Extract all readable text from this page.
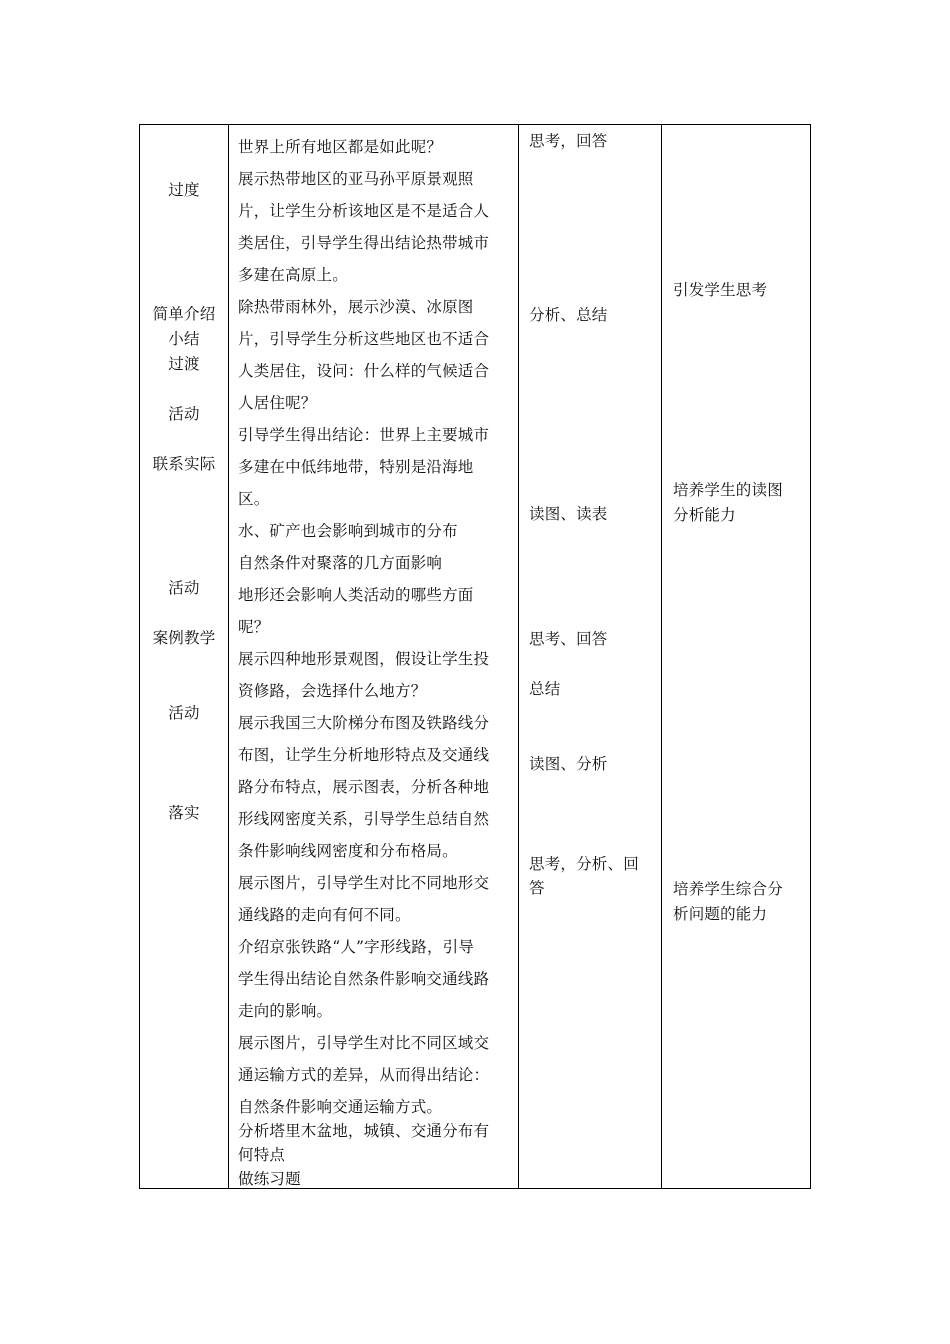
过度
简单介绍
小结
过渡
活动
联系实际
活动
案例教学
活动
落实
世界上所有地区都是如此呢？
展示热带地区的亚马孙平原景观照
片，让学生分析该地区是不是适合人
类居住，引导学生得出结论热带城市
多建在高原上。
除热带雨林外，展示沙漠、冰原图
片，引导学生分析这些地区也不适合
人类居住，设问：什么样的气候适合
人居住呢？
引导学生得出结论：世界上主要城市
多建在中低纬地带，特别是沿海地
区。
水、矿产也会影响到城市的分布
自然条件对聚落的几方面影响
地形还会影响人类活动的哪些方面
呢？
展示四种地形景观图，假设让学生投
资修路，会选择什么地方？
展示我国三大阶梯分布图及铁路线分
布图，让学生分析地形特点及交通线
路分布特点，展示图表，分析各种地
形线网密度关系，引导学生总结自然
条件影响线网密度和分布格局。
展示图片，引导学生对比不同地形交
通线路的走向有何不同。
介绍京张铁路“人”字形线路，引导
学生得出结论自然条件影响交通线路
走向的影响。
展示图片，引导学生对比不同区域交
通运输方式的差异，从而得出结论：
自然条件影响交通运输方式。
分析塔里木盆地，城镇、交通分布有
何特点
做练习题
思考，回答
分析、总结
读图、读表
思考、回答
总结
读图、分析
思考，分析、回
答
引发学生思考
培养学生的读图
分析能力
培养学生综合分
析问题的能力
